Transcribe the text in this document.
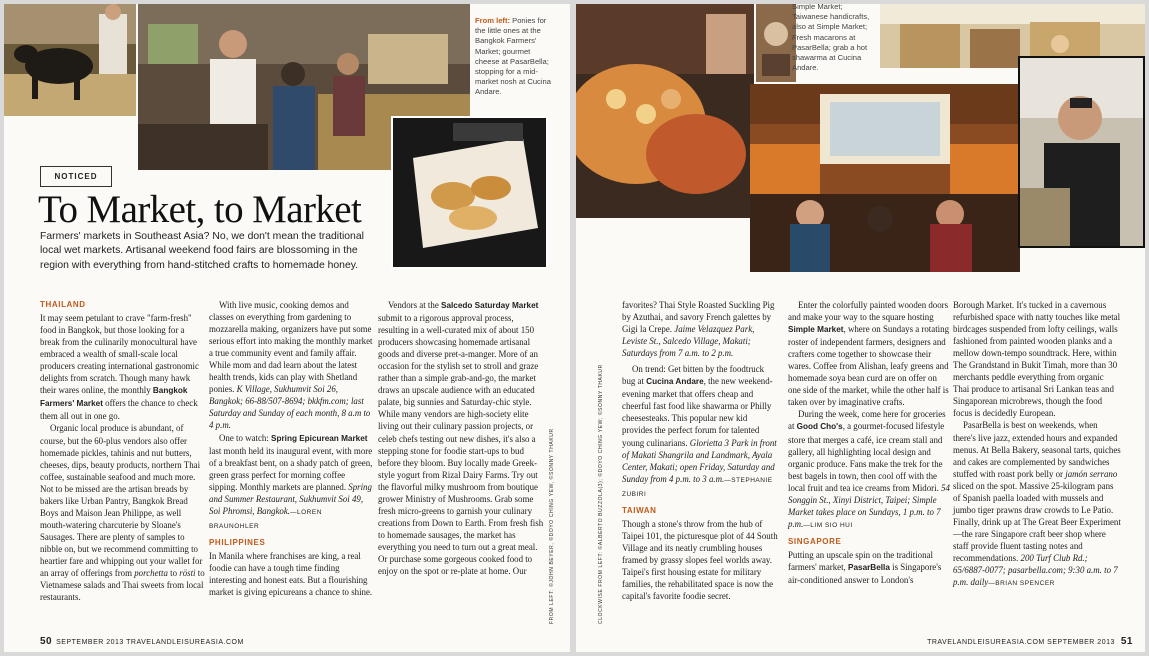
From left: Ponies for the little ones at the Bangkok Farmers' Market; gourmet cheese at PasarBella; stopping for a mid-market nosh at Cucina Andare.
NOTICED
To Market, to Market
Farmers' markets in Southeast Asia? No, we don't mean the traditional local wet markets. Artisanal weekend food fairs are blossoming in the region with everything from hand-stitched crafts to homemade honey.
THAILAND

It may seem petulant to crave "farm-fresh" food in Bangkok, but those looking for a break from the culinarily monocultural have embraced a wealth of small-scale local producers creating international gastronomic delights from scratch. Though many hawk their wares online, the monthly Bangkok Farmers' Market offers the chance to check them all out in one go.

Organic local produce is abundant, of course, but the 60-plus vendors also offer homemade pickles, tahinis and nut butters, cheeses, dips, beauty products, northern Thai coffee, sustainable seafood and much more. Not to be missed are the artisan breads by bakers like Urban Pantry, Bangkok Bread Boys and Maison Jean Philippe, as well mouth-watering charcuterie by Sloane's Sausages. There are plenty of samples to nibble on, but we recommend committing to heartier fare and whipping out your wallet for an array of offerings from porchetta to rösti to Vietnamese salads and Thai sweets from local restaurants.

With live music, cooking demos and classes on everything from gardening to mozzarella making, organizers have put some serious effort into making the monthly market a true community event and family affair. While mom and dad learn about the latest health trends, kids can play with Shetland ponies. K Village, Sukhumvit Soi 26, Bangkok; 66-88/507-8694; bkkfm.com; last Saturday and Sunday of each month, 8 a.m to 4 p.m.

One to watch: Spring Epicurean Market last month held its inaugural event, with more of a breakfast bent, on a shady patch of green, green grass perfect for morning coffee sipping. Monthly markets are planned. Spring and Summer Restaurant, Sukhumvit Soi 49, Soi Phromsi, Bangkok.—LOREN BRAUNOHLER

PHILIPPINES

In Manila where franchises are king, a real foodie can have a tough time finding interesting and honest eats. But a flourishing market is giving epicureans a chance to shine.

Vendors at the Salcedo Saturday Market submit to a rigorous approval process, resulting in a well-curated mix of about 150 producers showcasing homemade artisanal goods and diverse pret-a-manger. More of an occasion for the stylish set to stroll and graze rather than a simple grab-and-go, the market draws an upscale audience with an educated palate, big sunnies and Saturday-chic style. While many vendors are high-society elite living out their culinary passion projects, or celeb chefs testing out new dishes, it's also a stepping stone for foodie start-ups to bud before they bloom. Buy locally made Greek-style yogurt from Rizal Dairy Farms. Try out the flavorful milky mushroom from boutique grower Ministry of Mushrooms. Grab some fresh micro-greens to garnish your culinary creations from Down to Earth. From fresh fish to homemade sausages, the market has everything you need to turn out a great meal. Or purchase some gorgeous cooked food to enjoy on the spot or re-plate at home. Our	FROM LEFT: ©JOHN BEYER, ©DOYO CHING YEW, ©SONNY THAKUR
50 SEPTEMBER 2013 TRAVELANDLEISUREASIA.COM
Simple Market; Taiwanese handicrafts, also at Simple Market; Fresh macarons at PasarBella; grab a hot shawarma at Cucina Andare.

favorites? Thai Style Roasted Suckling Pig by Azuthai, and savory French galettes by Gigi la Crepe. Jaime Velazquez Park, Leviste St., Salcedo Village, Makati; Saturdays from 7 a.m. to 2 p.m.

On trend: Get bitten by the foodtruck bug at Cucina Andare, the new weekend-evening market that offers cheap and cheerful fast food like shawarma or Philly cheesesteaks. This popular new kid provides the perfect forum for talented young culinarians. Glorietta 3 Park in front of Makati Shangrila and Landmark, Ayala Center, Makati; open Friday, Saturday and Sunday from 4 p.m. to 3 a.m.—STEPHANIE ZUBIRI

TAIWAN

Though a stone's throw from the hub of Taipei 101, the picturesque plot of 44 South Village and its neatly crumbling houses framed by grassy slopes feel worlds away. Taipei's first housing estate for military families, the rehabilitated space is now the capital's favorite foodie secret.

Enter the colorfully painted wooden doors and make your way to the square hosting Simple Market, where on Sundays a rotating roster of independent farmers, designers and crafters come together to showcase their wares. Coffee from Alishan, leafy greens and homemade soya bean curd are on offer on one side of the market, while the other half is taken over by imaginative crafts.

During the week, come here for groceries at Good Cho's, a gourmet-focused lifestyle store that merges a café, ice cream stall and gallery, all highlighting local design and organic produce. Fans make the trek for the best bagels in town, then cool off with the local fruit and tea ice creams from Midori. 54 Songgin St., Xinyi District, Taipei; Simple Market takes place on Sundays, 1 p.m. to 7 p.m.—LIM SIO HUI

SINGAPORE

Putting an upscale spin on the traditional farmers' market, PasarBella is Singapore's air-conditioned answer to London's

Borough Market. It's tucked in a cavernous refurbished space with natty touches like metal birdcages suspended from lofty ceilings, walls fashioned from painted wooden planks and a mellow down-tempo soundtrack. Here, within The Grandstand in Bukit Timah, more than 30 merchants peddle everything from organic Thai produce to artisanal Sri Lankan teas and Singaporean microbrews, though the food focus is decidedly European.

PasarBella is best on weekends, when there's live jazz, extended hours and expanded menus. At Bella Bakery, seasonal tarts, quiches and cakes are complemented by sandwiches stuffed with roast pork belly or jamón serrano sliced on the spot. Massive 25-kilogram pans of Spanish paella loaded with mussels and jumbo tiger prawns draw crowds to Le Patio. Finally, drink up at The Great Beer Experiment—the rare Singapore craft beer shop where staff provide fluent tasting notes and recommendations. 200 Turf Club Rd.; 65/6887-0077; pasarbella.com; 9:30 a.m. to 7 p.m. daily—BRIAN SPENCER

CLOCKWISE FROM LEFT: ©ALBERTO BUZZOLA(3); ©DOYO CHING YEW; ©SONNY THAKUR
TRAVELANDLEISUREASIA.COM SEPTEMBER 2013 51
